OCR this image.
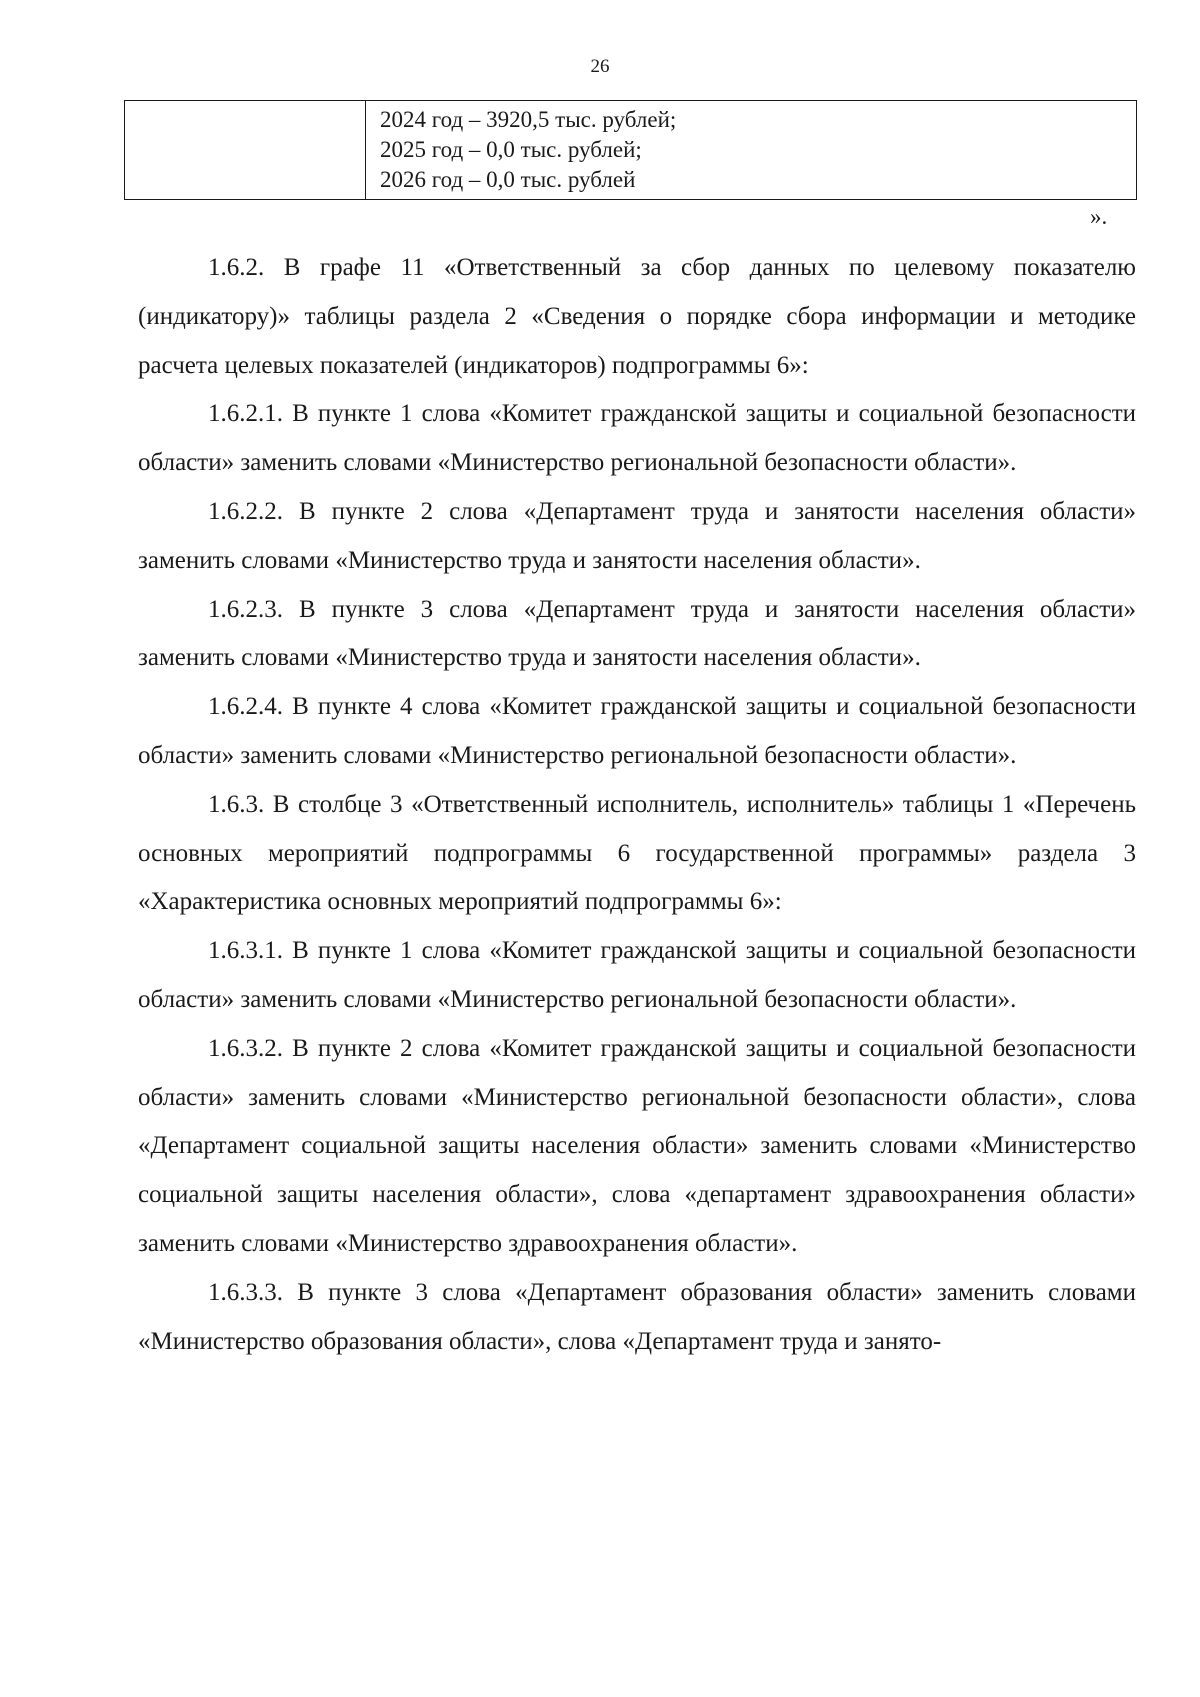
26
2024 год – 3920,5 тыс. рублей;
2025 год – 0,0 тыс. рублей;
2026 год – 0,0 тыс. рублей
».

1.6.2. В графе 11 «Ответственный за сбор данных по целевому показателю (индикатору)» таблицы раздела 2 «Сведения о порядке сбора информации и методике расчета целевых показателей (индикаторов) подпрограммы 6»:

1.6.2.1. В пункте 1 слова «Комитет гражданской защиты и социальной безопасности области» заменить словами «Министерство региональной безопасности области».

1.6.2.2. В пункте 2 слова «Департамент труда и занятости населения области» заменить словами «Министерство труда и занятости населения области».

1.6.2.3. В пункте 3 слова «Департамент труда и занятости населения области» заменить словами «Министерство труда и занятости населения области».

1.6.2.4. В пункте 4 слова «Комитет гражданской защиты и социальной безопасности области» заменить словами «Министерство региональной безопасности области».

1.6.3. В столбце 3 «Ответственный исполнитель, исполнитель» таблицы 1 «Перечень основных мероприятий подпрограммы 6 государственной программы» раздела 3 «Характеристика основных мероприятий подпрограммы 6»:

1.6.3.1. В пункте 1 слова «Комитет гражданской защиты и социальной безопасности области» заменить словами «Министерство региональной безопасности области».

1.6.3.2. В пункте 2 слова «Комитет гражданской защиты и социальной безопасности области» заменить словами «Министерство региональной безопасности области», слова «Департамент социальной защиты населения области» заменить словами «Министерство социальной защиты населения области», слова «департамент здравоохранения области» заменить словами «Министерство здравоохранения области».

1.6.3.3. В пункте 3 слова «Департамент образования области» заменить словами «Министерство образования области», слова «Департамент труда и занято-
